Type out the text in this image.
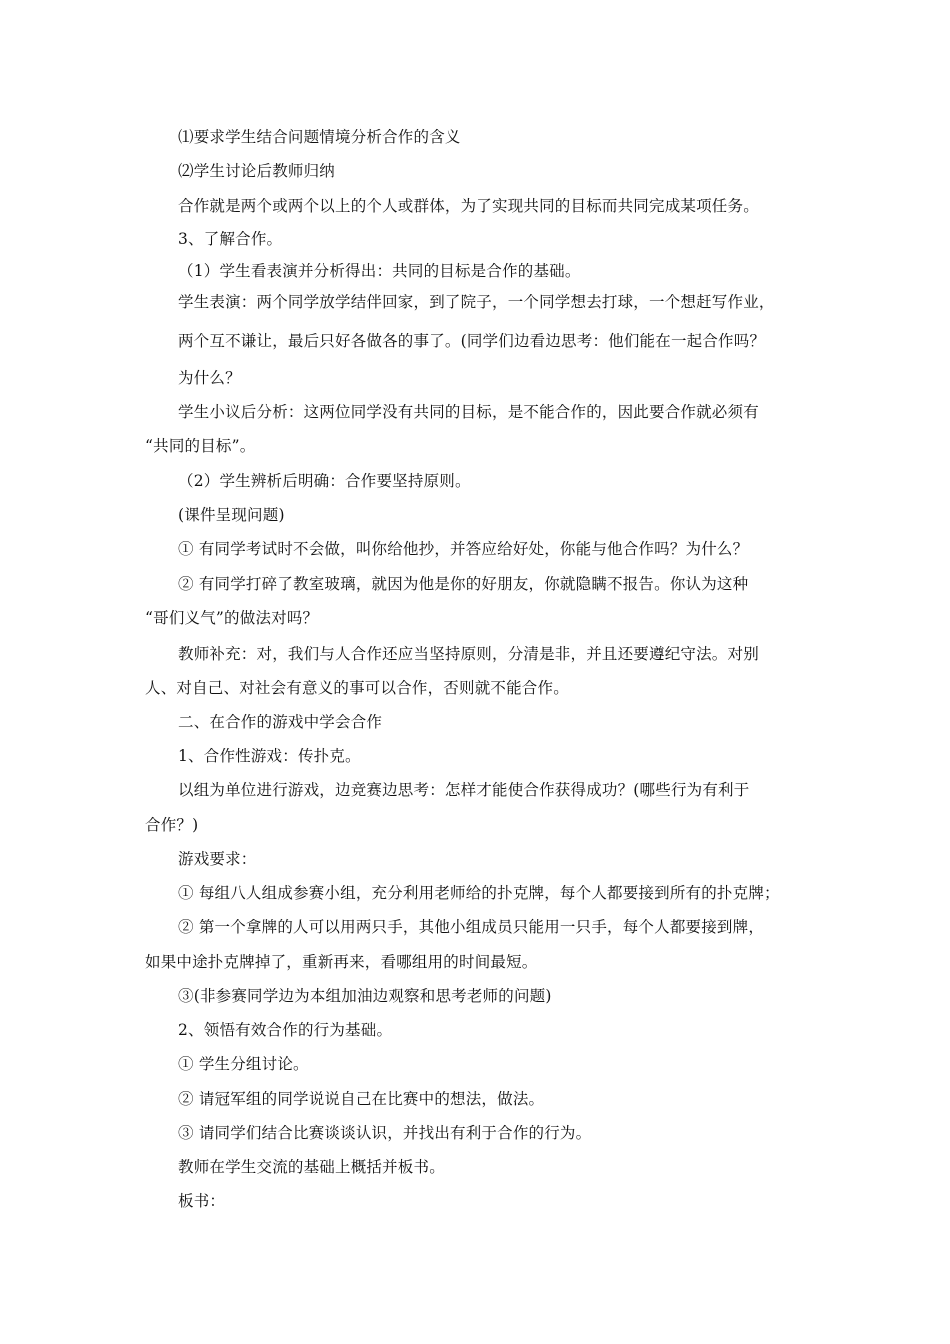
⑴要求学生结合问题情境分析合作的含义
⑵学生讨论后教师归纳
合作就是两个或两个以上的个人或群体，为了实现共同的目标而共同完成某项任务。
3、了解合作。
（1）学生看表演并分析得出：共同的目标是合作的基础。
学生表演：两个同学放学结伴回家，到了院子，一个同学想去打球，一个想赶写作业，
两个互不谦让，最后只好各做各的事了。(同学们边看边思考：他们能在一起合作吗？
为什么？
学生小议后分析：这两位同学没有共同的目标，是不能合作的，因此要合作就必须有
“共同的目标”。
（2）学生辨析后明确：合作要坚持原则。
(课件呈现问题)
① 有同学考试时不会做，叫你给他抄，并答应给好处，你能与他合作吗？为什么？
② 有同学打碎了教室玻璃，就因为他是你的好朋友，你就隐瞒不报告。你认为这种
“哥们义气”的做法对吗？
教师补充：对，我们与人合作还应当坚持原则，分清是非，并且还要遵纪守法。对别
人、对自己、对社会有意义的事可以合作，否则就不能合作。
二、在合作的游戏中学会合作
1、合作性游戏：传扑克。
以组为单位进行游戏，边竞赛边思考：怎样才能使合作获得成功？(哪些行为有利于
合作？)
游戏要求：
① 每组八人组成参赛小组，充分利用老师给的扑克牌，每个人都要接到所有的扑克牌；
② 第一个拿牌的人可以用两只手，其他小组成员只能用一只手，每个人都要接到牌，
如果中途扑克牌掉了，重新再来，看哪组用的时间最短。
③(非参赛同学边为本组加油边观察和思考老师的问题)
2、领悟有效合作的行为基础。
① 学生分组讨论。
② 请冠军组的同学说说自己在比赛中的想法，做法。
③ 请同学们结合比赛谈谈认识，并找出有利于合作的行为。
教师在学生交流的基础上概括并板书。
板书：
